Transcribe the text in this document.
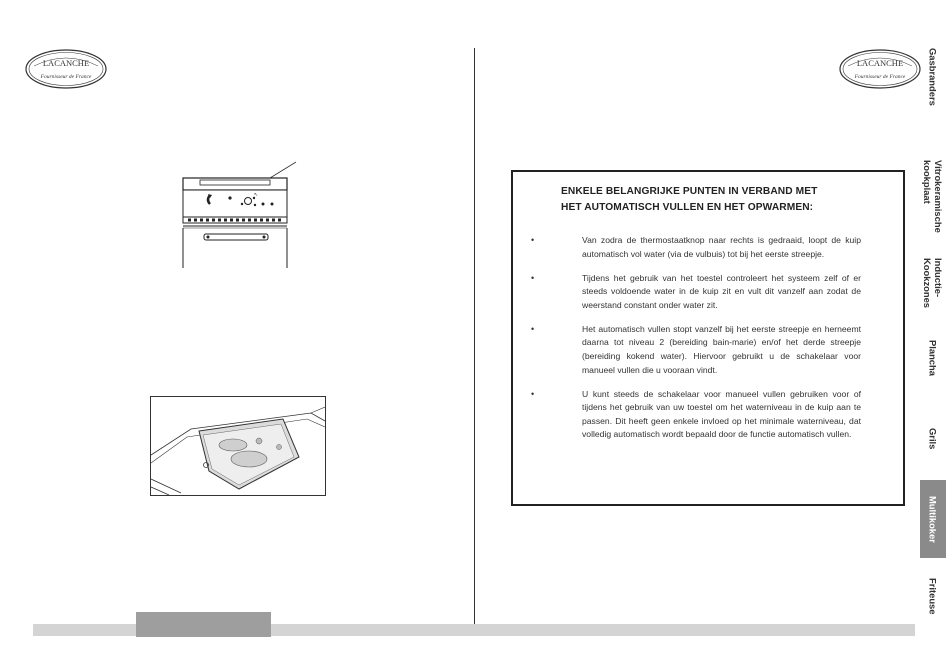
LACANCHE
Fournisseur de France
LACANCHE
Fournisseur de France
↖	ENKELE BELANGRIJKE PUNTEN IN VERBAND MET
HET AUTOMATISCH VULLEN EN HET OPWARMEN:
•	Van zodra de thermostaatknop naar rechts is gedraaid, loopt de kuip automatisch vol water (via de vulbuis) tot bij het eerste streepje.
•	Tijdens het gebruik van het toestel controleert het systeem zelf of er steeds voldoende water in de kuip zit en vult dit vanzelf aan zodat de weerstand constant onder water zit.
•	Het automatisch vullen stopt vanzelf bij het eerste streepje en herneemt daarna tot niveau 2 (bereiding bain-marie) en/of het derde streepje (bereiding kokend water). Hiervoor gebruikt u de schakelaar voor manueel vullen die u vooraan vindt.
•	U kunt steeds de schakelaar voor manueel vullen gebruiken voor of tijdens het gebruik van uw toestel om het waterniveau in de kuip aan te passen. Dit heeft geen enkele invloed op het minimale waterniveau, dat volledig automatisch wordt bepaald door de functie automatisch vullen.
Gasbranders
Vitrokeramische
kookplaat
Inductie-
Kookzones
Plancha
Grils
Multikoker
Friteuse
